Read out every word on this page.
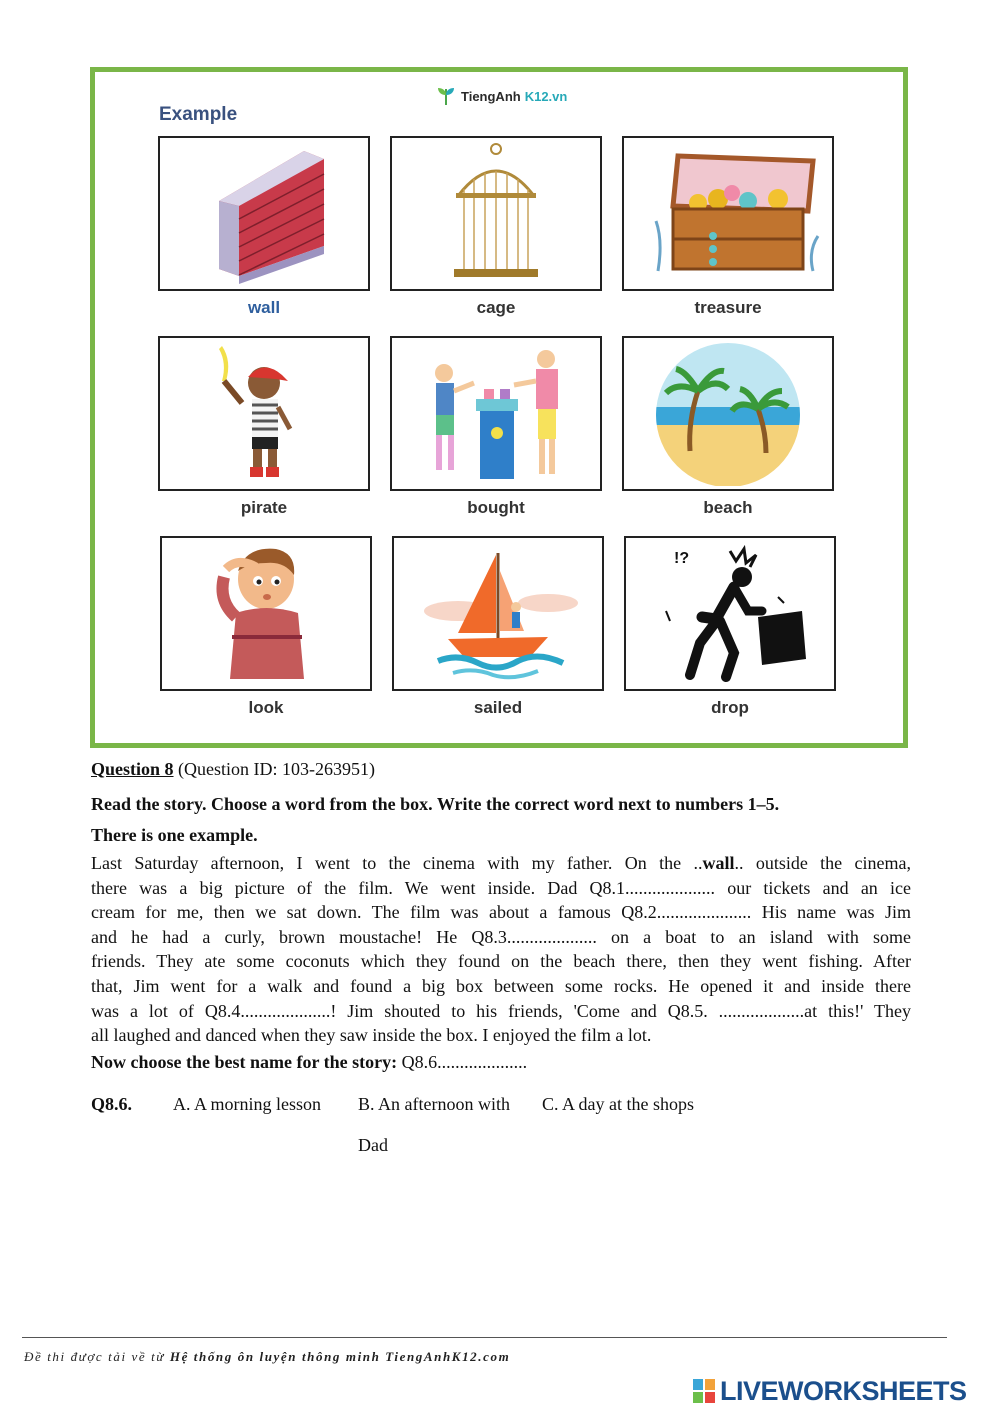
TiengAnh K12.vn
Example
wall	cage	treasure
pirate	bought	beach
look	sailed
!?
drop
Question 8 (Question ID: 103-263951)
Read the story. Choose a word from the box. Write the correct word next to numbers 1–5.
There is one example.

Last Saturday afternoon, I went to the cinema with my father. On the ..wall.. outside the cinema,

there was a big picture of the film. We went inside. Dad Q8.1.................... our tickets and an ice

cream for me, then we sat down. The film was about a famous Q8.2..................... His name was Jim

and he had a curly, brown moustache! He Q8.3.................... on a boat to an island with some

friends. They ate some coconuts which they found on the beach there, then they went fishing. After

that, Jim went for a walk and found a big box between some rocks. He opened it and inside there

was a lot of Q8.4....................! Jim shouted to his friends, 'Come and Q8.5. ...................at this!' They

all laughed and danced when they saw inside the box. I enjoyed the film a lot.

Now choose the best name for the story: Q8.6....................
Q8.6. A. A morning lesson B. An afternoon with
Dad
C. A day at the shops
Đề thi được tải về từ Hệ thống ôn luyện thông minh TiengAnhK12.com
LIVEWORKSHEETS
